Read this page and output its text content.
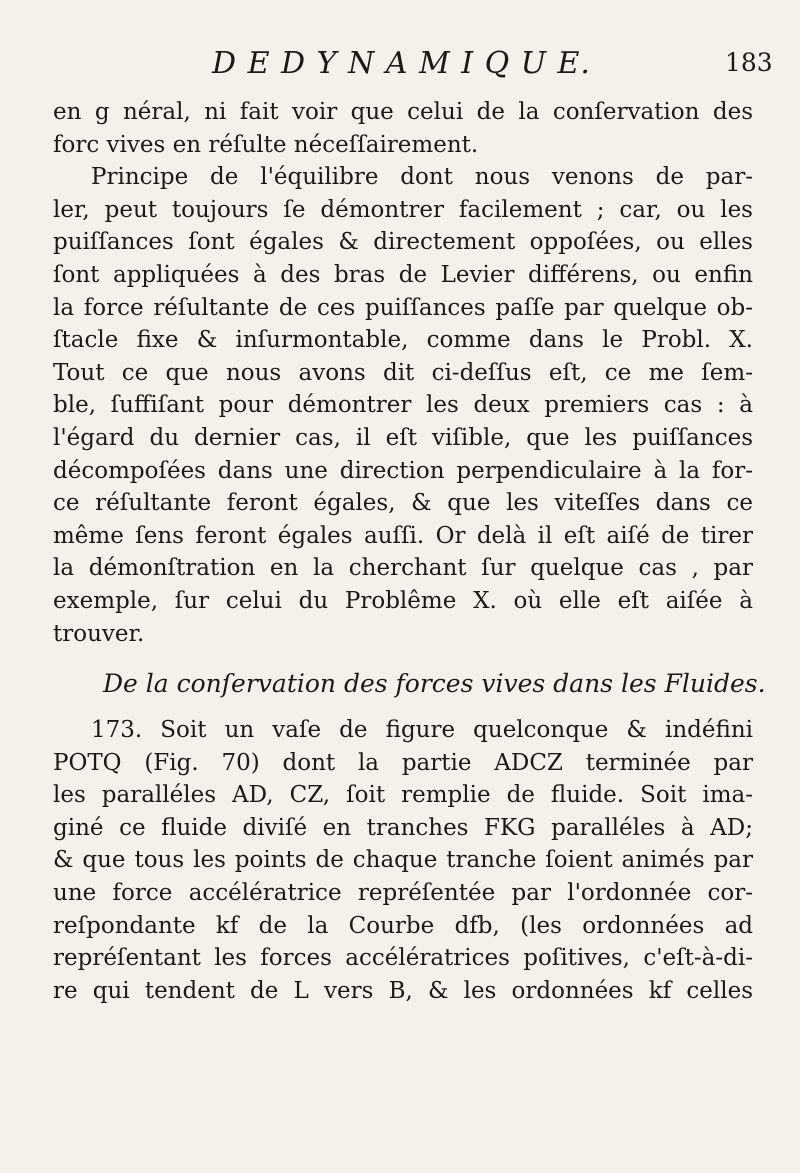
D E D Y N A M I Q U E.	183
en g néral, ni fait voir que celui de la conſervation des
forc vives en réſulte néceſſairement.
Principe de l'équilibre dont nous venons de par-
ler, peut toujours ſe démontrer facilement ; car, ou les
puiſſances ſont égales & directement oppoſées, ou elles
ſont appliquées à des bras de Levier différens, ou enfin
la force réſultante de ces puiſſances paſſe par quelque ob-
ſtacle fixe & inſurmontable, comme dans le Probl. X.
Tout ce que nous avons dit ci-deſſus eſt, ce me ſem-
ble, ſuffiſant pour démontrer les deux premiers cas : à
l'égard du dernier cas, il eſt viſible, que les puiſſances
décompoſées dans une direction perpendiculaire à la for-
ce réſultante feront égales, & que les viteſſes dans ce
même ſens feront égales auſſi. Or delà il eſt aiſé de tirer
la démonſtration en la cherchant ſur quelque cas , par
exemple, ſur celui du Problême X. où elle eſt aiſée à
trouver.
De la conſervation des forces vives dans les Fluides.
173. Soit un vaſe de figure quelconque & indéfini
POTQ (Fig. 70) dont la partie ADCZ terminée par
les paralléles AD, CZ, ſoit remplie de fluide. Soit ima-
giné ce fluide diviſé en tranches FKG paralléles à AD;
& que tous les points de chaque tranche ſoient animés par
une force accélératrice repréſentée par l'ordonnée cor-
reſpondante kf de la Courbe dfb, (les ordonnées ad
repréſentant les forces accélératrices poſitives, c'eſt-à-di-
re qui tendent de L vers B, & les ordonnées kf celles
